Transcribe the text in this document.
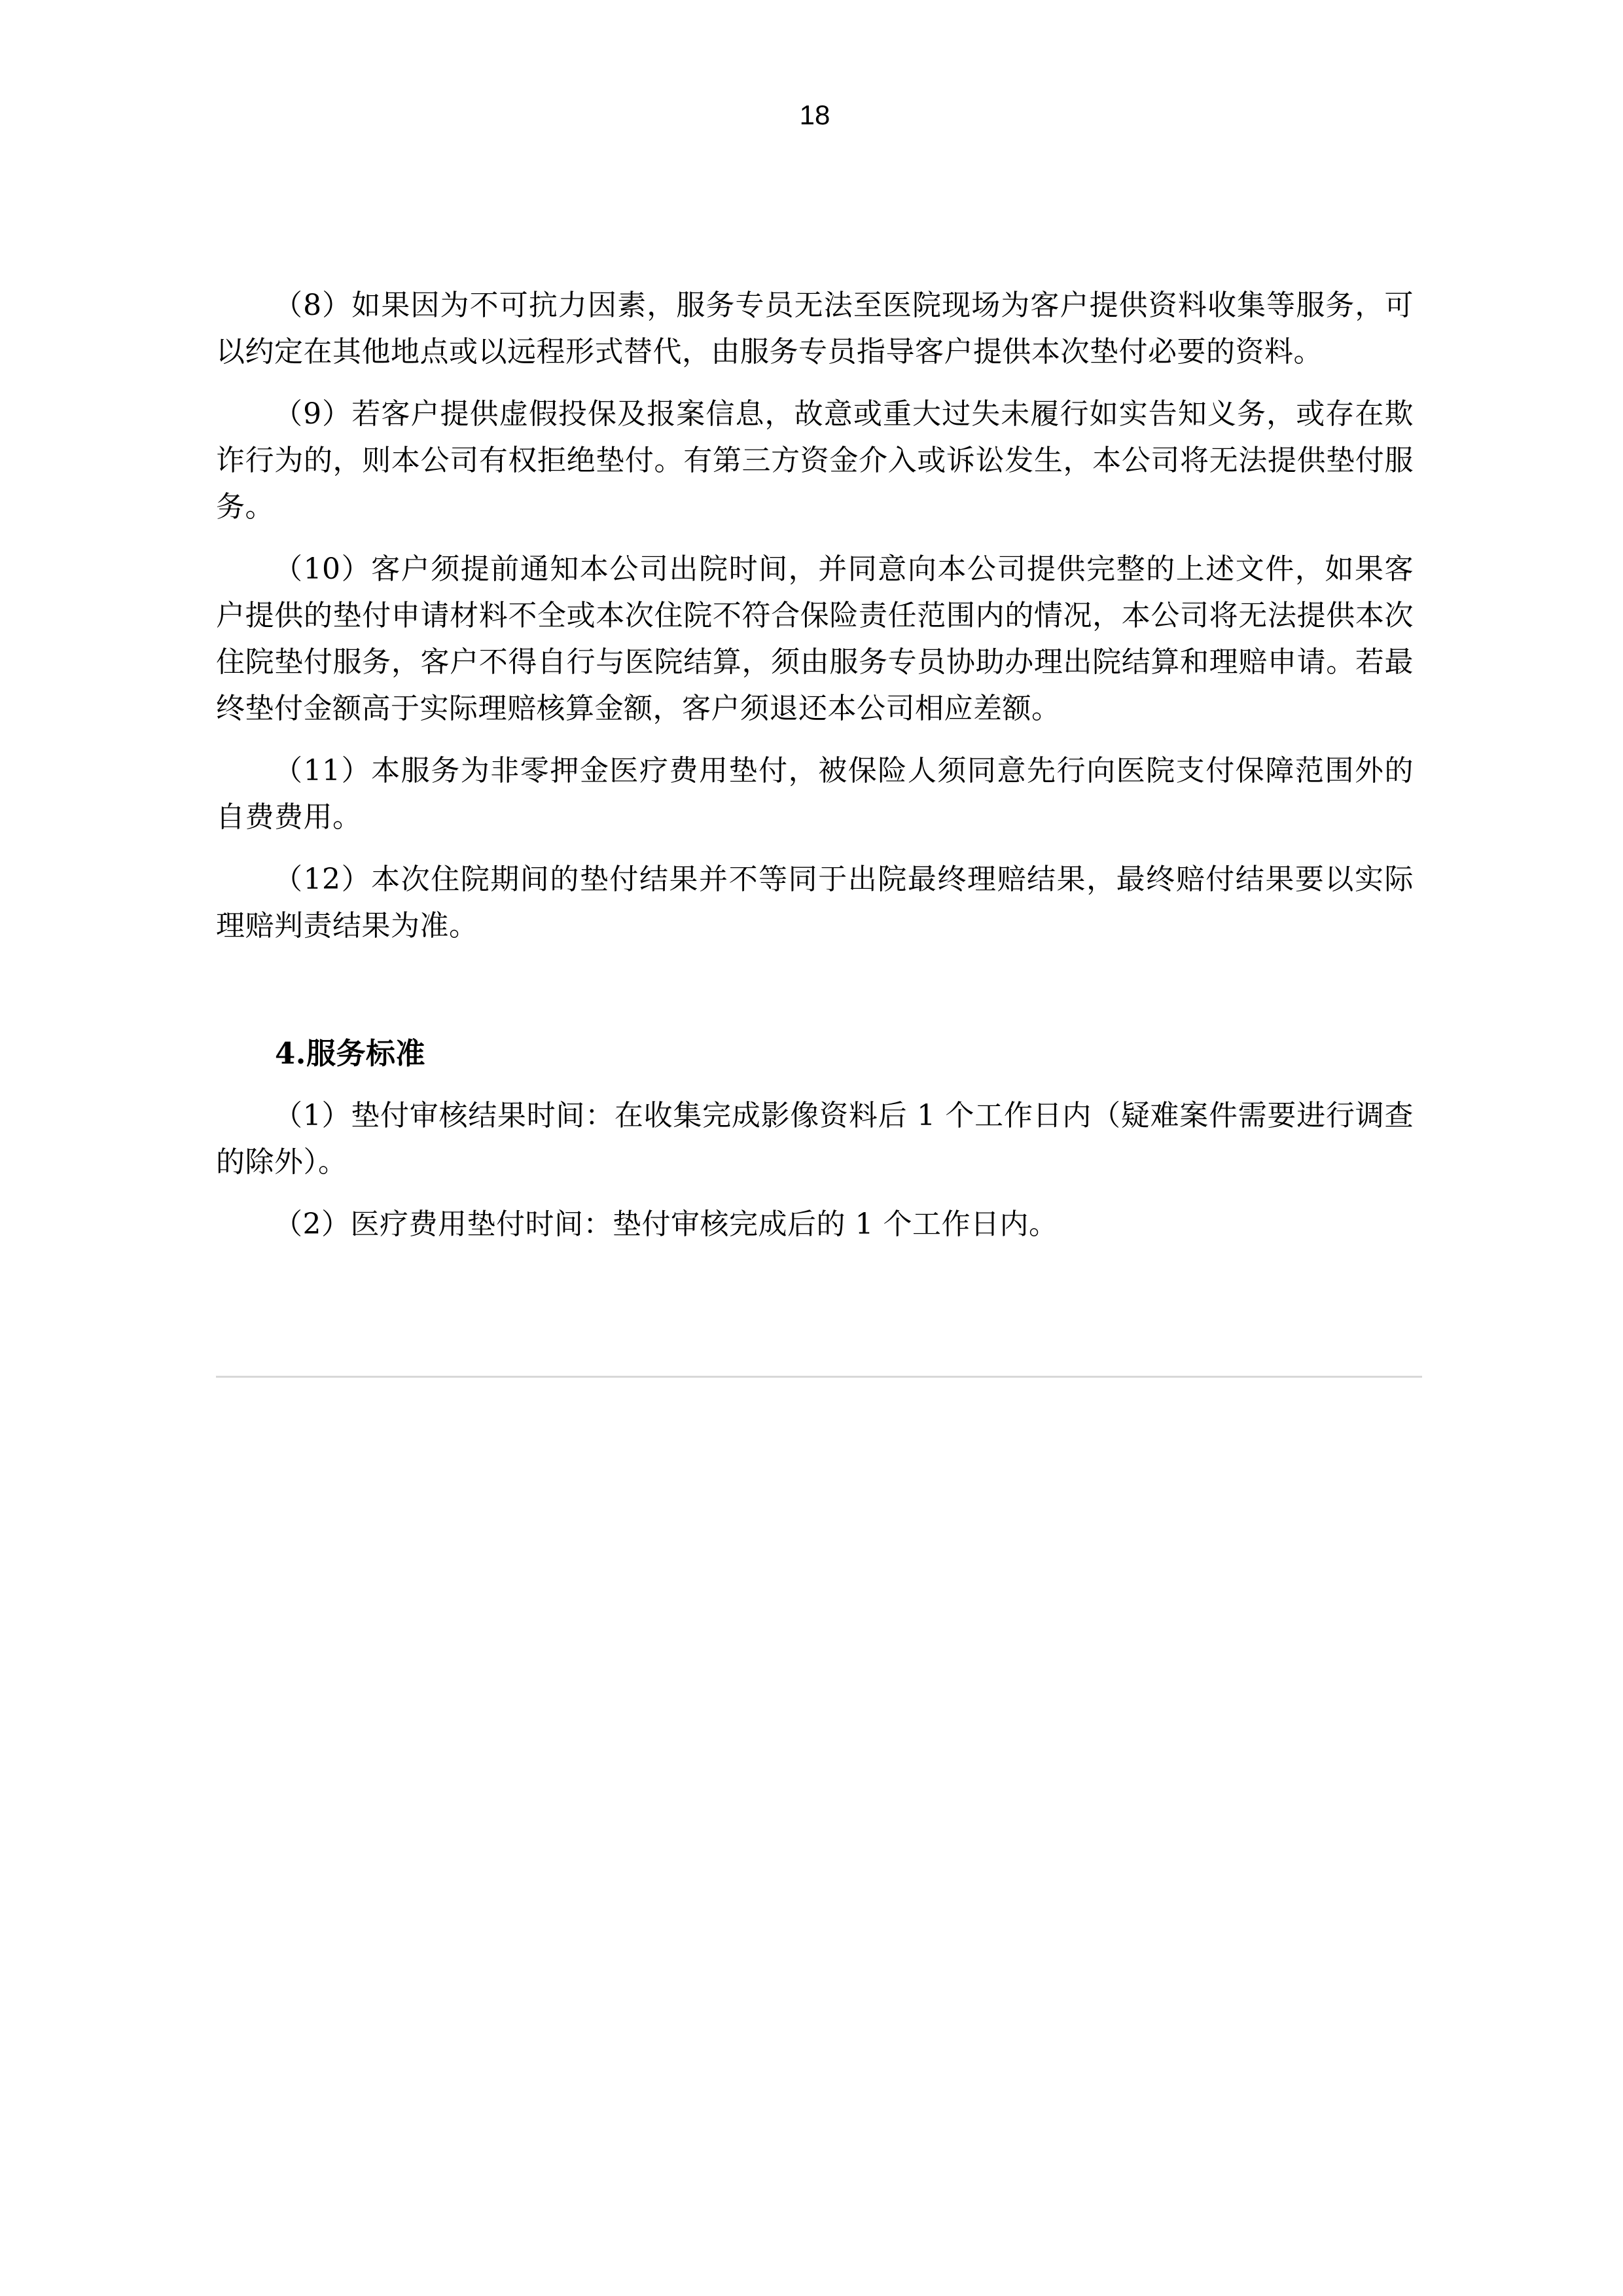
18

（8）如果因为不可抗力因素，服务专员无法至医院现场为客户提供资料收集等服务，可以约定在其他地点或以远程形式替代，由服务专员指导客户提供本次垫付必要的资料。

（9）若客户提供虚假投保及报案信息，故意或重大过失未履行如实告知义务，或存在欺诈行为的，则本公司有权拒绝垫付。有第三方资金介入或诉讼发生，本公司将无法提供垫付服务。

（10）客户须提前通知本公司出院时间，并同意向本公司提供完整的上述文件，如果客户提供的垫付申请材料不全或本次住院不符合保险责任范围内的情况，本公司将无法提供本次住院垫付服务，客户不得自行与医院结算，须由服务专员协助办理出院结算和理赔申请。若最终垫付金额高于实际理赔核算金额，客户须退还本公司相应差额。

（11）本服务为非零押金医疗费用垫付，被保险人须同意先行向医院支付保障范围外的自费费用。

（12）本次住院期间的垫付结果并不等同于出院最终理赔结果，最终赔付结果要以实际理赔判责结果为准。

4.服务标准

（1）垫付审核结果时间：在收集完成影像资料后 1 个工作日内（疑难案件需要进行调查的除外）。

（2）医疗费用垫付时间：垫付审核完成后的 1 个工作日内。
